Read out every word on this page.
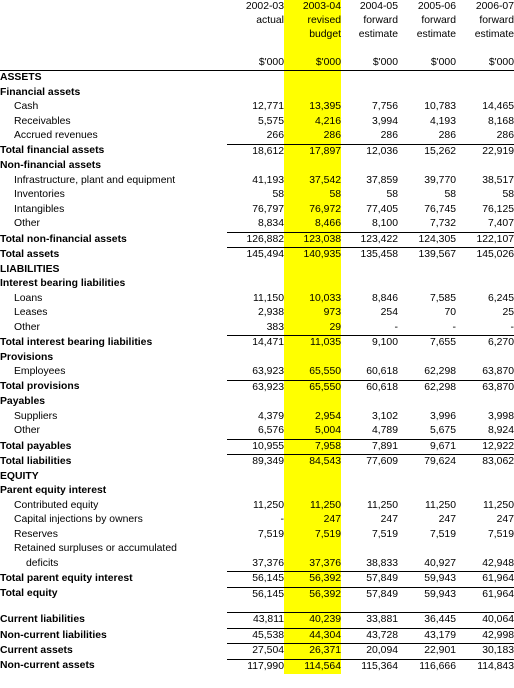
	2002-03	2003-04	2004-05	2005-06	2006-07
	actual	revised	forward	forward	forward
		budget	estimate	estimate	estimate

	$'000	$'000	$'000	$'000	$'000
ASSETS					
Financial assets					
Cash	12,771	13,395	7,756	10,783	14,465
Receivables	5,575	4,216	3,994	4,193	8,168
Accrued revenues	266	286	286	286	286
Total financial assets	18,612	17,897	12,036	15,262	22,919
Non-financial assets					
Infrastructure, plant and equipment	41,193	37,542	37,859	39,770	38,517
Inventories	58	58	58	58	58
Intangibles	76,797	76,972	77,405	76,745	76,125
Other	8,834	8,466	8,100	7,732	7,407
Total non-financial assets	126,882	123,038	123,422	124,305	122,107
Total assets	145,494	140,935	135,458	139,567	145,026
LIABILITIES					
Interest bearing liabilities					
Loans	11,150	10,033	8,846	7,585	6,245
Leases	2,938	973	254	70	25
Other	383	29	-	-	-
Total interest bearing liabilities	14,471	11,035	9,100	7,655	6,270
Provisions					
Employees	63,923	65,550	60,618	62,298	63,870
Total provisions	63,923	65,550	60,618	62,298	63,870
Payables					
Suppliers	4,379	2,954	3,102	3,996	3,998
Other	6,576	5,004	4,789	5,675	8,924
Total payables	10,955	7,958	7,891	9,671	12,922
Total liabilities	89,349	84,543	77,609	79,624	83,062
EQUITY					
Parent equity interest					
Contributed equity	11,250	11,250	11,250	11,250	11,250
Capital injections by owners	-	247	247	247	247
Reserves	7,519	7,519	7,519	7,519	7,519
Retained surpluses or accumulated					
deficits	37,376	37,376	38,833	40,927	42,948
Total parent equity interest	56,145	56,392	57,849	59,943	61,964
Total equity	56,145	56,392	57,849	59,943	61,964

Current liabilities	43,811	40,239	33,881	36,445	40,064
Non-current liabilities	45,538	44,304	43,728	43,179	42,998
Current assets	27,504	26,371	20,094	22,901	30,183
Non-current assets	117,990	114,564	115,364	116,666	114,843
